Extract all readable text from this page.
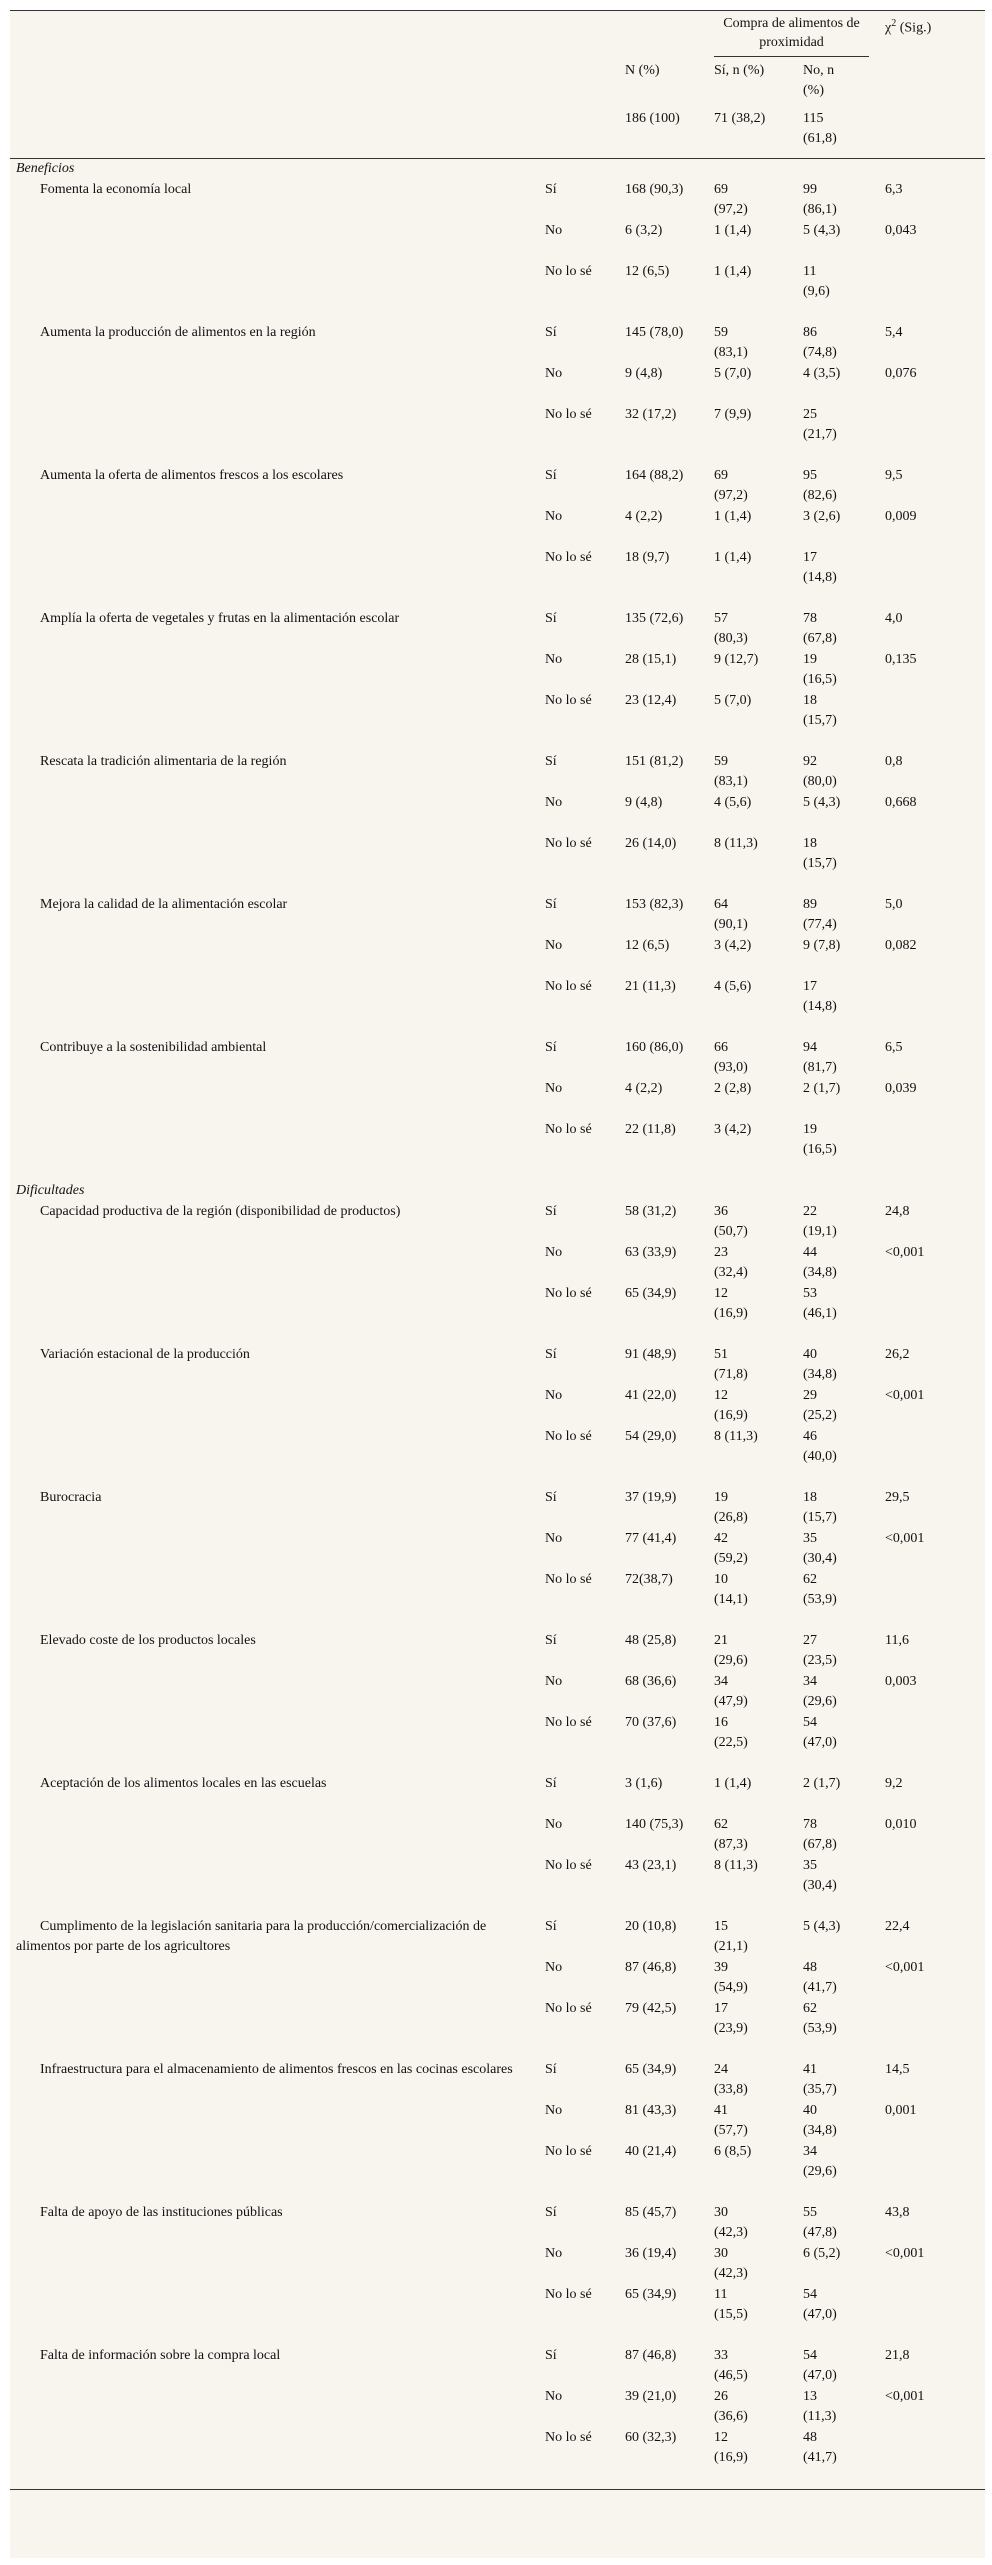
			Compra de alimentos de proximidad		$\chi^2$ (Sig.)
		N (%)	Sí, n (%)	No, n (%)	
		186 (100)	71 (38,2)	115 (61,8)	
Beneficios					
Fomenta la economía local	Sí	168 (90,3)	69 (97,2)	99 (86,1)	6,3
	No	6 (3,2)	1 (1,4)	5 (4,3)	0,043
	No lo sé	12 (6,5)	1 (1,4)	11 (9,6)	
Aumenta la producción de alimentos en la región	Sí	145 (78,0)	59 (83,1)	86 (74,8)	5,4
	No	9 (4,8)	5 (7,0)	4 (3,5)	0,076
	No lo sé	32 (17,2)	7 (9,9)	25 (21,7)	
Aumenta la oferta de alimentos frescos a los escolares	Sí	164 (88,2)	69 (97,2)	95 (82,6)	9,5
	No	4 (2,2)	1 (1,4)	3 (2,6)	0,009
	No lo sé	18 (9,7)	1 (1,4)	17 (14,8)	
Amplía la oferta de vegetales y frutas en la alimentación escolar	Sí	135 (72,6)	57 (80,3)	78 (67,8)	4,0
	No	28 (15,1)	9 (12,7)	19 (16,5)	0,135
	No lo sé	23 (12,4)	5 (7,0)	18 (15,7)	
Rescata la tradición alimentaria de la región	Sí	151 (81,2)	59 (83,1)	92 (80,0)	0,8
	No	9 (4,8)	4 (5,6)	5 (4,3)	0,668
	No lo sé	26 (14,0)	8 (11,3)	18 (15,7)	
Mejora la calidad de la alimentación escolar	Sí	153 (82,3)	64 (90,1)	89 (77,4)	5,0
	No	12 (6,5)	3 (4,2)	9 (7,8)	0,082
	No lo sé	21 (11,3)	4 (5,6)	17 (14,8)	
Contribuye a la sostenibilidad ambiental	Sí	160 (86,0)	66 (93,0)	94 (81,7)	6,5
	No	4 (2,2)	2 (2,8)	2 (1,7)	0,039
	No lo sé	22 (11,8)	3 (4,2)	19 (16,5)	
Dificultades					
Capacidad productiva de la región (disponibilidad de productos)	Sí	58 (31,2)	36 (50,7)	22 (19,1)	24,8
	No	63 (33,9)	23 (32,4)	44 (34,8)	<0,001
	No lo sé	65 (34,9)	12 (16,9)	53 (46,1)	
Variación estacional de la producción	Sí	91 (48,9)	51 (71,8)	40 (34,8)	26,2
	No	41 (22,0)	12 (16,9)	29 (25,2)	<0,001
	No lo sé	54 (29,0)	8 (11,3)	46 (40,0)	
Burocracia	Sí	37 (19,9)	19 (26,8)	18 (15,7)	29,5
	No	77 (41,4)	42 (59,2)	35 (30,4)	<0,001
	No lo sé	72(38,7)	10 (14,1)	62 (53,9)	
Elevado coste de los productos locales	Sí	48 (25,8)	21 (29,6)	27 (23,5)	11,6
	No	68 (36,6)	34 (47,9)	34 (29,6)	0,003
	No lo sé	70 (37,6)	16 (22,5)	54 (47,0)	
Aceptación de los alimentos locales en las escuelas	Sí	3 (1,6)	1 (1,4)	2 (1,7)	9,2
	No	140 (75,3)	62 (87,3)	78 (67,8)	0,010
	No lo sé	43 (23,1)	8 (11,3)	35 (30,4)	
Cumplimento de la legislación sanitaria para la producción/comercialización de alimentos por parte de los agricultores	Sí	20 (10,8)	15 (21,1)	5 (4,3)	22,4
	No	87 (46,8)	39 (54,9)	48 (41,7)	<0,001
	No lo sé	79 (42,5)	17 (23,9)	62 (53,9)	
Infraestructura para el almacenamiento de alimentos frescos en las cocinas escolares	Sí	65 (34,9)	24 (33,8)	41 (35,7)	14,5
	No	81 (43,3)	41 (57,7)	40 (34,8)	0,001
	No lo sé	40 (21,4)	6 (8,5)	34 (29,6)	
Falta de apoyo de las instituciones públicas	Sí	85 (45,7)	30 (42,3)	55 (47,8)	43,8
	No	36 (19,4)	30 (42,3)	6 (5,2)	<0,001
	No lo sé	65 (34,9)	11 (15,5)	54 (47,0)	
Falta de información sobre la compra local	Sí	87 (46,8)	33 (46,5)	54 (47,0)	21,8
	No	39 (21,0)	26 (36,6)	13 (11,3)	<0,001
	No lo sé	60 (32,3)	12 (16,9)	48 (41,7)	
